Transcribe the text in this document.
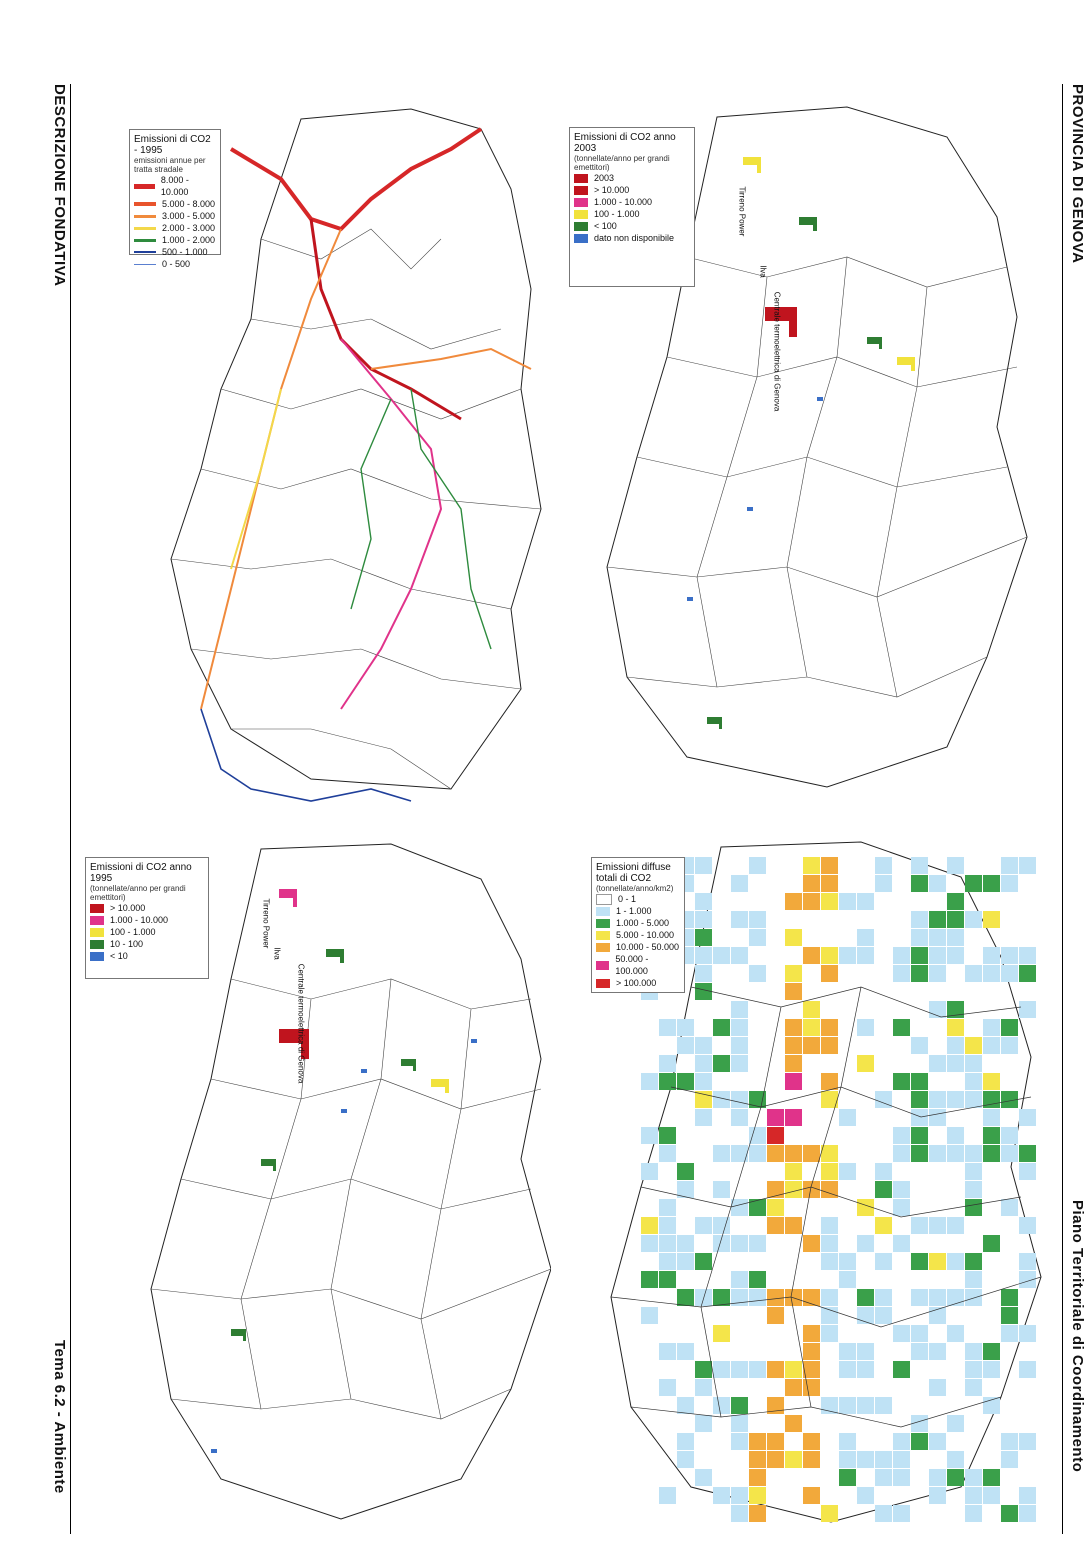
PROVINCIA DI GENOVA
Piano Territoriale di Coordinamento
DESCRIZIONE FONDATIVA
Tema 6.2 - Ambiente
Emissioni di CO2 - 1995
emissioni annue per tratta stradale
8.000 - 10.000
5.000 - 8.000
3.000 - 5.000
2.000 - 3.000
1.000 - 2.000
500 - 1.000
0 - 500
Emissioni di CO2 anno 2003
(tonnellate/anno per grandi emettitori)
2003
> 10.000
1.000 - 10.000
100 - 1.000
< 100
dato non disponibile
Tirreno Power
Ilva
Centrale termoelettrica di Genova
Emissioni di CO2 anno 1995
(tonnellate/anno per grandi emettitori)
> 10.000
1.000 - 10.000
100 - 1.000
10 - 100
< 10
Tirreno Power
Ilva
Centrale termoelettrica di Genova
Emissioni diffuse totali di CO2
(tonnellate/anno/km2)
0 - 1
1 - 1.000
1.000 - 5.000
5.000 - 10.000
10.000 - 50.000
50.000 - 100.000
> 100.000
